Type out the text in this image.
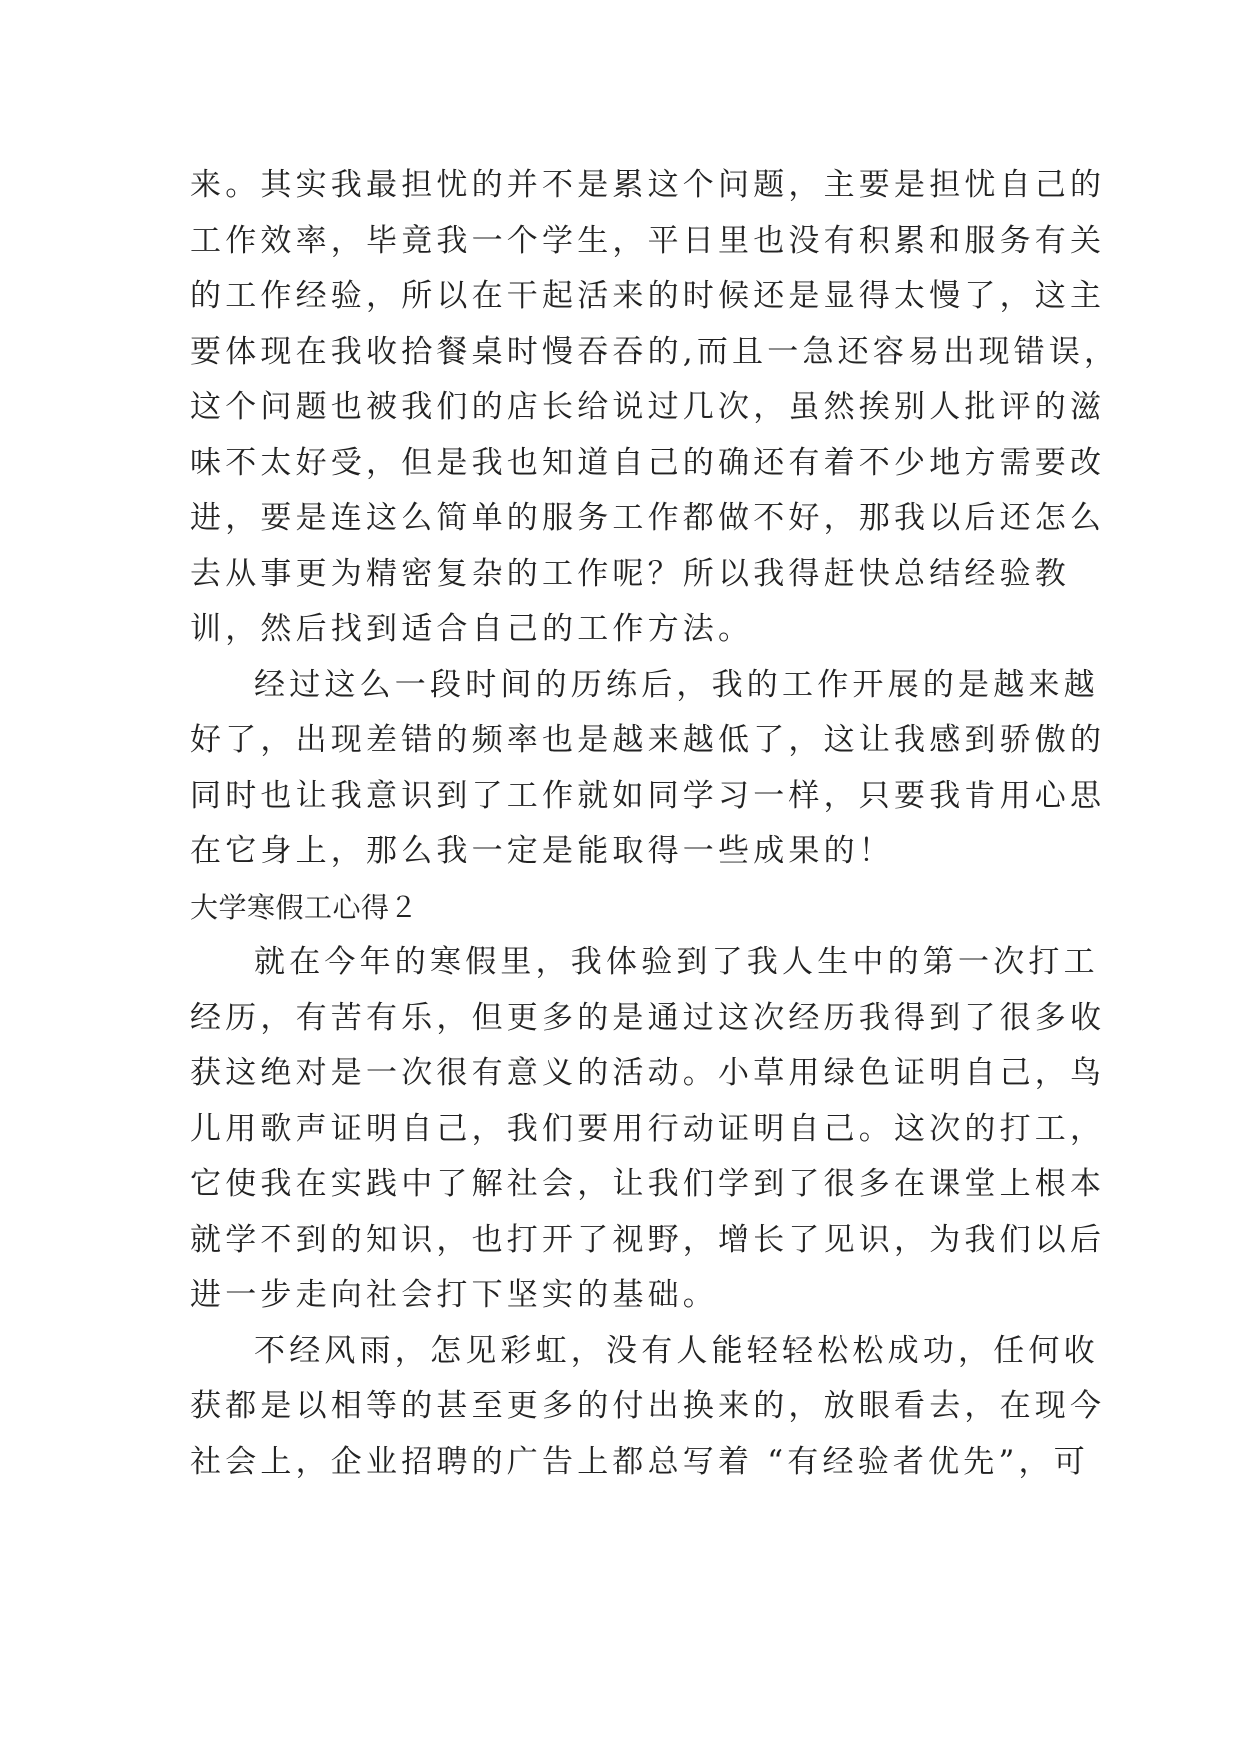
来。其实我最担忧的并不是累这个问题，主要是担忧自己的
工作效率，毕竟我一个学生，平日里也没有积累和服务有关
的工作经验，所以在干起活来的时候还是显得太慢了，这主
要体现在我收拾餐桌时慢吞吞的,而且一急还容易出现错误，
这个问题也被我们的店长给说过几次，虽然挨别人批评的滋
味不太好受，但是我也知道自己的确还有着不少地方需要改
进，要是连这么简单的服务工作都做不好，那我以后还怎么
去从事更为精密复杂的工作呢？所以我得赶快总结经验教
训，然后找到适合自己的工作方法。
经过这么一段时间的历练后，我的工作开展的是越来越
好了，出现差错的频率也是越来越低了，这让我感到骄傲的
同时也让我意识到了工作就如同学习一样，只要我肯用心思
在它身上，那么我一定是能取得一些成果的！
大学寒假工心得２
就在今年的寒假里，我体验到了我人生中的第一次打工
经历，有苦有乐，但更多的是通过这次经历我得到了很多收
获这绝对是一次很有意义的活动。小草用绿色证明自己，鸟
儿用歌声证明自己，我们要用行动证明自己。这次的打工，
它使我在实践中了解社会，让我们学到了很多在课堂上根本
就学不到的知识，也打开了视野，增长了见识，为我们以后
进一步走向社会打下坚实的基础。
不经风雨，怎见彩虹，没有人能轻轻松松成功，任何收
获都是以相等的甚至更多的付出换来的，放眼看去，在现今
社会上，企业招聘的广告上都总写着 “有经验者优先”，可
